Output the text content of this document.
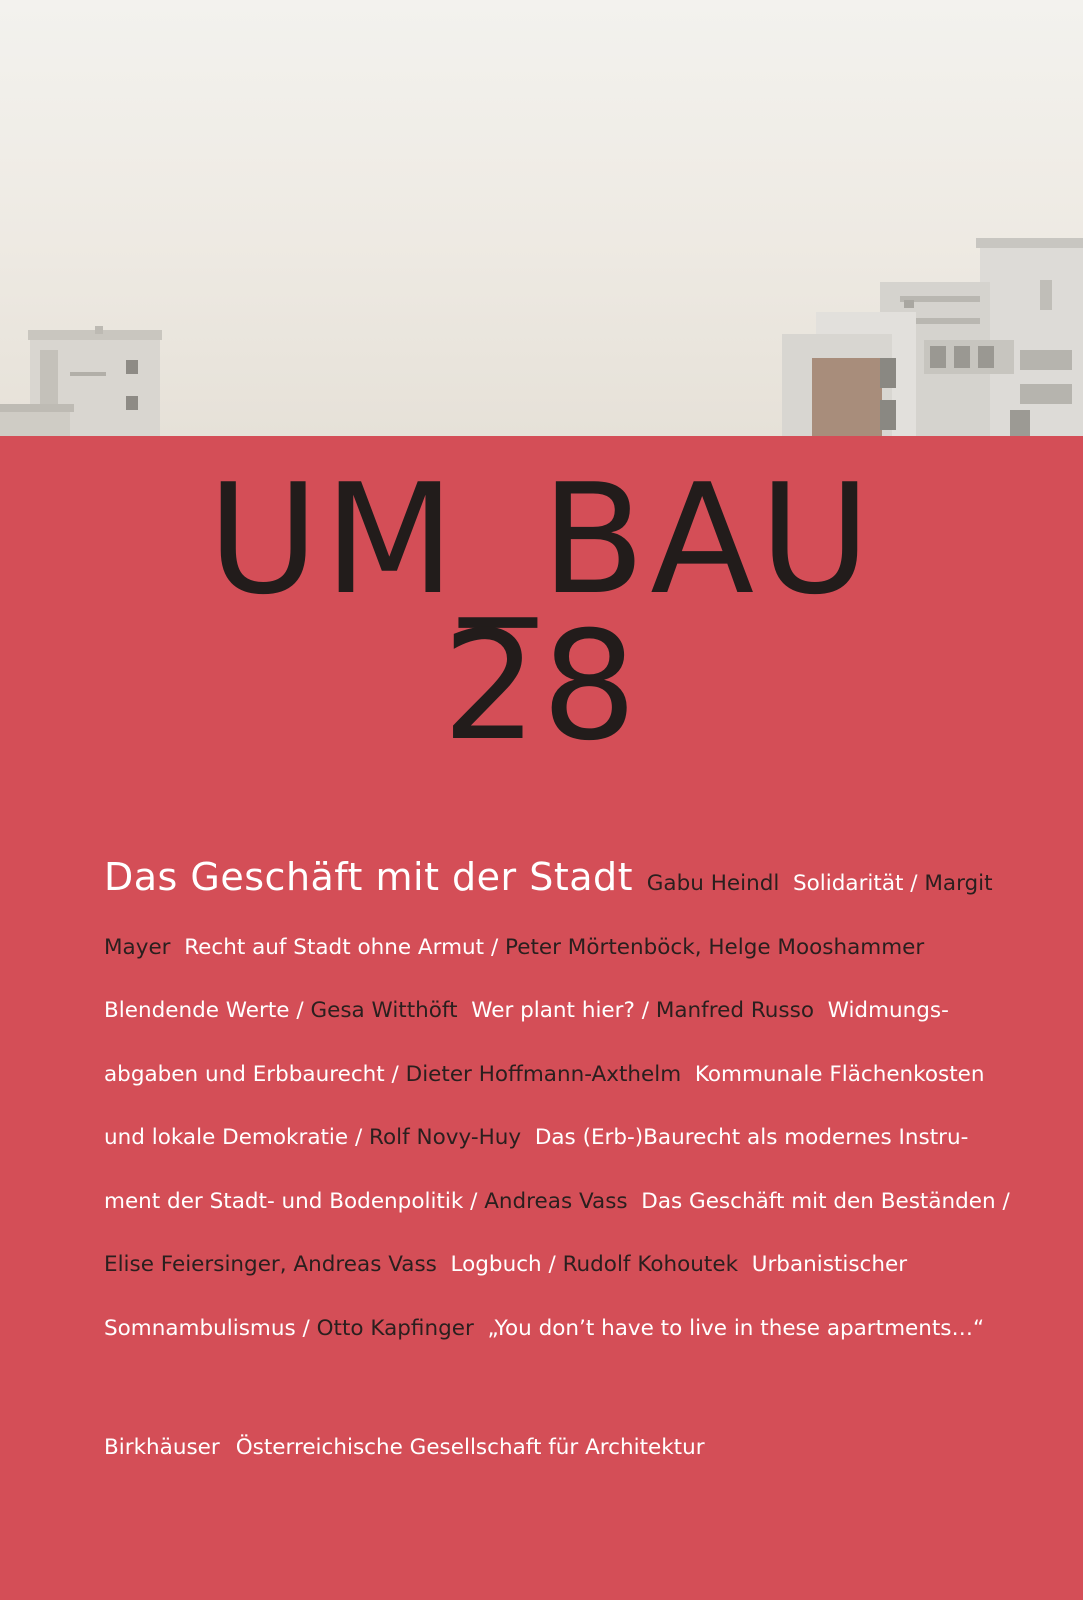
UM_BAU
28

Das Geschäft mit der Stadt Gabu Heindl Solidarität / Margit Mayer Recht auf Stadt ohne Armut / Peter Mörtenböck, Helge Mooshammer Blendende Werte / Gesa Witthöft Wer plant hier? / Manfred Russo Widmungs-abgaben und Erbbaurecht / Dieter Hoffmann-Axthelm Kommunale Flächenkosten und lokale Demokratie / Rolf Novy-Huy Das (Erb-)Baurecht als modernes Instru-ment der Stadt- und Bodenpolitik / Andreas Vass Das Geschäft mit den Beständen / Elise Feiersinger, Andreas Vass Logbuch / Rudolf Kohoutek Urbanistischer Somnambulismus / Otto Kapfinger „You don’t have to live in these apartments…“

Birkhäuser Österreichische Gesellschaft für Architektur
